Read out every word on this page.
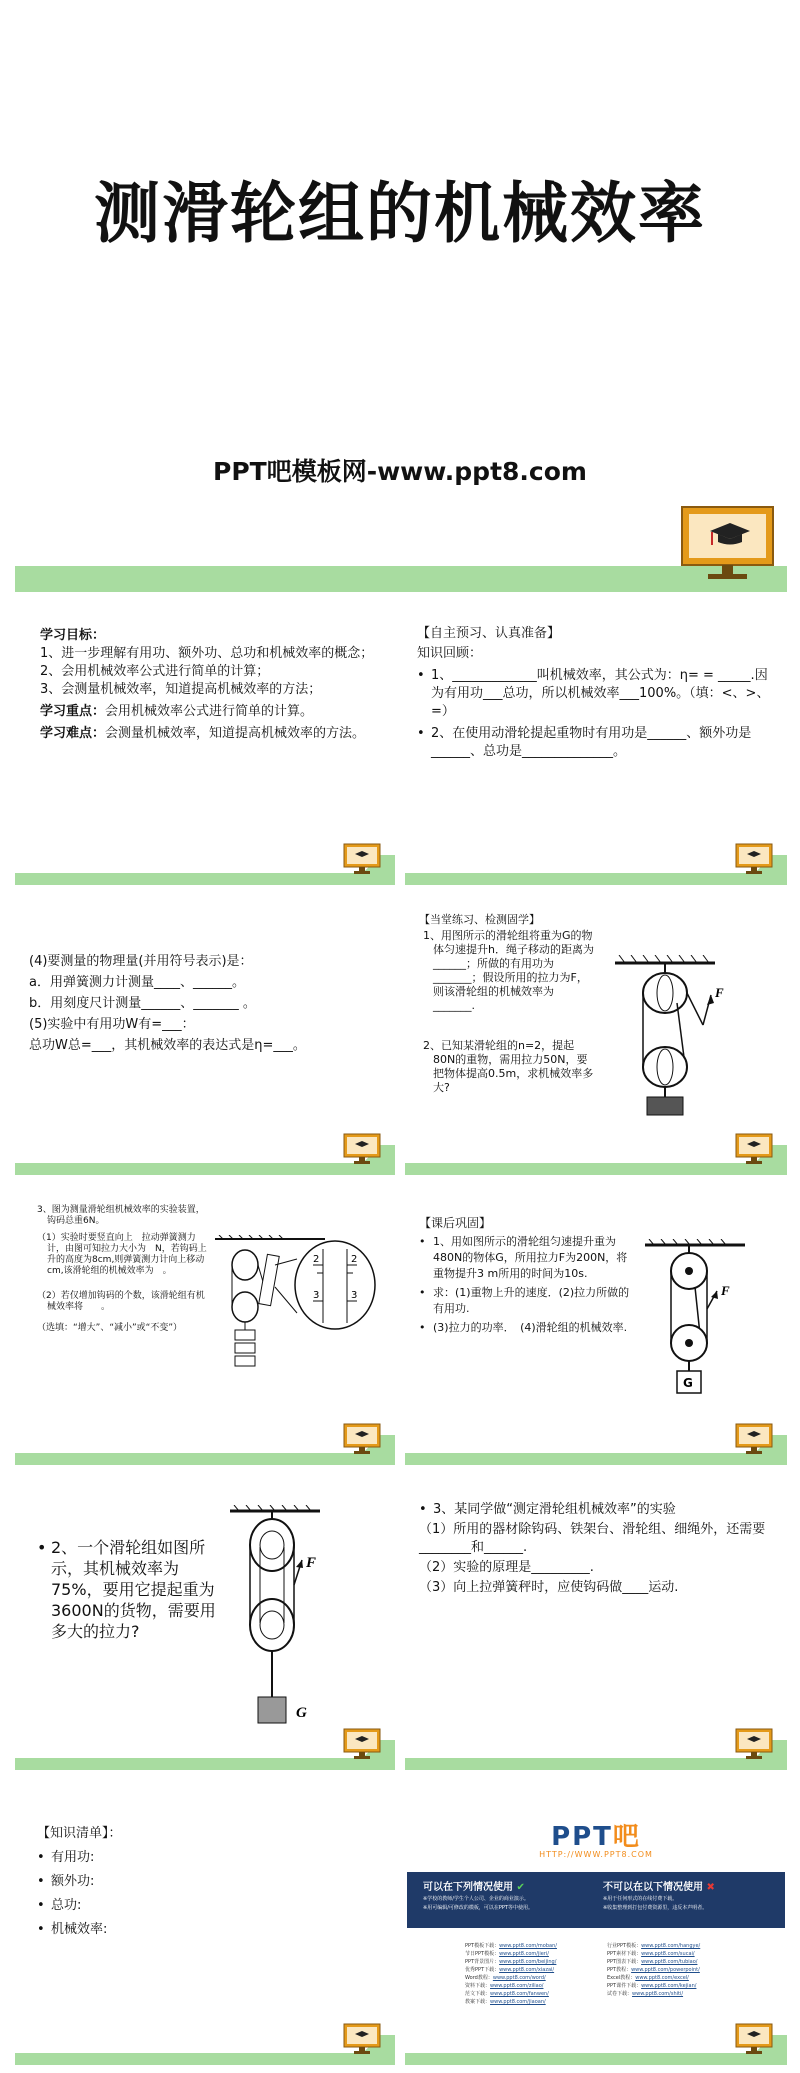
测滑轮组的机械效率
PPT吧模板网-www.ppt8.com
学习目标：
1、进一步理解有用功、额外功、总功和机械效率的概念；
2、会用机械效率公式进行简单的计算；
3、会测量机械效率，知道提高机械效率的方法；
学习重点：会用机械效率公式进行简单的计算。
学习难点：会测量机械效率，知道提高机械效率的方法。
【自主预习、认真准备】
知识回顾：
• 1、_____________叫机械效率，其公式为：η= = _____.因为有用功___总功，所以机械效率___100%。（填：<、>、=）
• 2、在使用动滑轮提起重物时有用功是______、额外功是 ______、总功是______________。
(4)要测量的物理量(并用符号表示)是：
a．用弹簧测力计测量____、______。
b．用刻度尺计测量______、_______ 。
(5)实验中有用功W有=___：
总功W总=___，其机械效率的表达式是η=___。
【当堂练习、检测固学】
1、用图所示的滑轮组将重为G的物体匀速提升h．绳子移动的距离为______；所做的有用功为_______；假设所用的拉力为F，则该滑轮组的机械效率为_______.
2、已知某滑轮组的n=2，提起80N的重物，需用拉力50N，要把物体提高0.5m，求机械效率多大?
F
3、图为测量滑轮组机械效率的实验装置，钩码总重6N。
（1）实验时要竖直向上　拉动弹簧测力计，由图可知拉力大小为　N，若钩码上升的高度为8cm,则弹簧测力计向上移动　　cm,该滑轮组的机械效率为　。
（2）若仅增加钩码的个数，该滑轮组有机械效率将　　。
（选填：“增大”、“减小”或“不变”）
2	2
3	3
【课后巩固】
• 1、用如图所示的滑轮组匀速提升重为480N的物体G，所用拉力F为200N，将重物提升3 m所用的时间为10s.
• 求：(1)重物上升的速度．(2)拉力所做的有用功.
• (3)拉力的功率．　(4)滑轮组的机械效率.
F
G
• 2、一个滑轮组如图所示，其机械效率为75%，要用它提起重为3600N的货物，需要用多大的拉力?
F
G
• 3、某同学做“测定滑轮组机械效率”的实验
（1）所用的器材除钩码、铁架台、滑轮组、细绳外，还需要________和______.
（2）实验的原理是_________.
（3）向上拉弹簧秤时，应使钩码做____运动.
【知识清单】：
• 有用功:
• 额外功:
• 总功:
• 机械效率:
PPT吧
HTTP://WWW.PPT8.COM
可以在下列情况使用 ✔
※学校的教师/学生个人公司、企业的商业演示。
※用可编辑/可修改的模板，可以在PPT等中使用。
不可以在以下情况使用 ✖
※用于任何形式的在线付费下载。
※收集整理到打包付费资源里，违反本声明者。
PPT模板下载：www.ppt8.com/moban/
节日PPT模板：www.ppt8.com/jieri/
PPT背景图片：www.ppt8.com/beijing/
优秀PPT下载：www.ppt8.com/xiazai/
Word教程：www.ppt8.com/word/
资料下载：www.ppt8.com/ziliao/
范文下载：www.ppt8.com/fanwen/
教案下载：www.ppt8.com/jiaoan/
行业PPT模板：www.ppt8.com/hangye/
PPT素材下载：www.ppt8.com/sucai/
PPT图表下载：www.ppt8.com/tubiao/
PPT教程：www.ppt8.com/powerpoint/
Excel教程：www.ppt8.com/excel/
PPT课件下载：www.ppt8.com/kejian/
试卷下载：www.ppt8.com/shiti/
